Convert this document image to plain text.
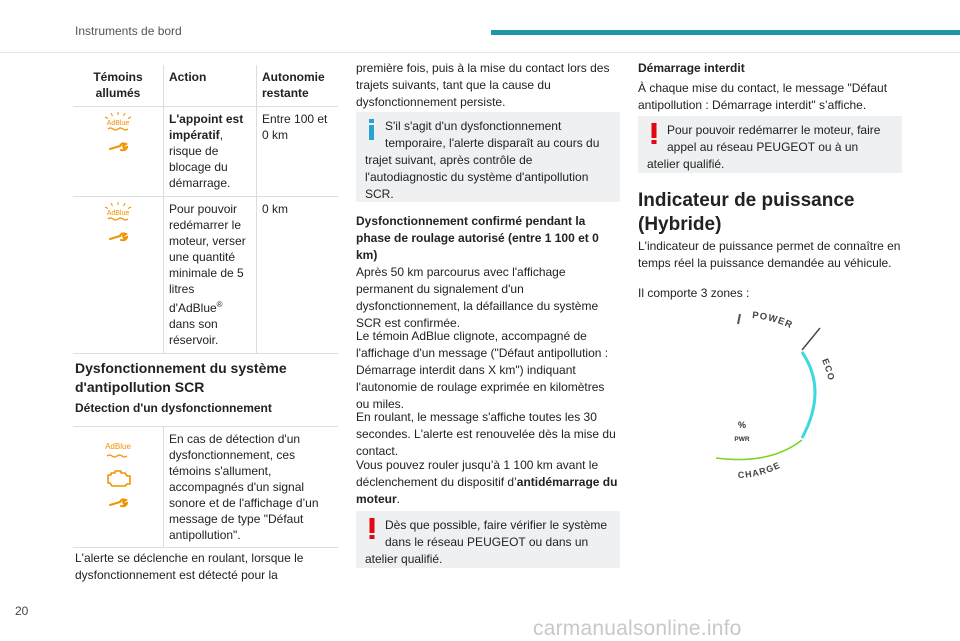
Instruments de bord
Témoins allumés	Action	Autonomie restante

AdBlue	L'appoint est impératif, risque de blocage du démarrage.	Entre 100 et 0 km

AdBlue	Pour pouvoir redémarrer le moteur, verser une quantité minimale de 5 litres d'AdBlue® dans son réservoir.	0 km
Dysfonctionnement du système d'antipollution SCR
Détection d'un dysfonctionnement
AdBlue
	En cas de détection d'un dysfonctionnement, ces témoins s'allument, accompagnés d'un signal sonore et de l'affichage d’un message de type "Défaut antipollution".
L'alerte se déclenche en roulant, lorsque le dysfonctionnement est détecté pour la
première fois, puis à la mise du contact lors des trajets suivants, tant que la cause du dysfonctionnement persiste.
S'il s'agit d'un dysfonctionnement temporaire, l'alerte disparaît au cours du trajet suivant, après contrôle de l'autodiagnostic du système d'antipollution SCR.
Dysfonctionnement confirmé pendant la phase de roulage autorisé (entre 1 100 et 0 km)
Après 50 km parcourus avec l'affichage permanent du signalement d'un dysfonctionnement, la défaillance du système SCR est confirmée.
Le témoin AdBlue clignote, accompagné de l'affichage d'un message ("Défaut antipollution : Démarrage interdit dans X km") indiquant l'autonomie de roulage exprimée en kilomètres ou miles.
En roulant, le message s'affiche toutes les 30 secondes. L'alerte est renouvelée dès la mise du contact.
Vous pouvez rouler jusqu’à 1 100 km avant le déclenchement du dispositif d’antidémarrage du moteur.
Dès que possible, faire vérifier le système dans le réseau PEUGEOT ou dans un atelier qualifié.
Démarrage interdit
À chaque mise du contact, le message "Défaut antipollution : Démarrage interdit" s’affiche.
Pour pouvoir redémarrer le moteur, faire appel au réseau PEUGEOT ou à un atelier qualifié.
Indicateur de puissance (Hybride)
L'indicateur de puissance permet de connaître en temps réel la puissance demandée au véhicule.
Il comporte 3 zones :
POWER
ECO
CHARGE
%
PWR
20
carmanualsonline.info
